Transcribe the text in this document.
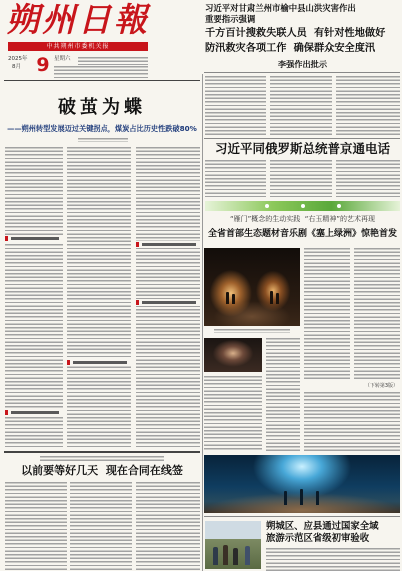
朔州日報
中共朔州市委机关报
2025年
8月 9 星期六
习近平对甘肃兰州市榆中县山洪灾害作出
重要指示强调
千方百计搜救失联人员  有针对性地做好
防汛救灾各项工作  确保群众安全度汛
李强作出批示
破茧为蝶
——朔州转型发展迈过关键拐点，煤炭占比历史性跌破80%
以前要等好几天  现在合同在线签
习近平同俄罗斯总统普京通电话
“雁门”概念的生动实践  “右玉精神”的艺术再现
全省首部生态题材音乐剧《塞上绿洲》惊艳首发
（下转第3版）
朔城区、应县通过国家全域
旅游示范区省级初审验收
